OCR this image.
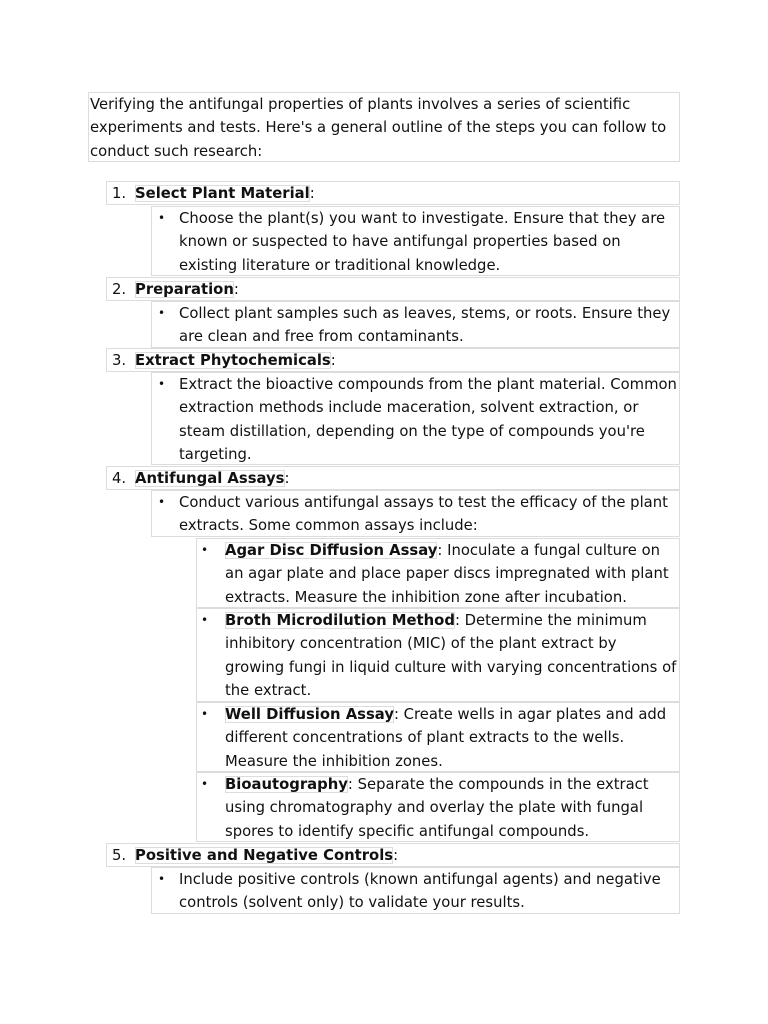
Verifying the antifungal properties of plants involves a series of scientific experiments and tests. Here's a general outline of the steps you can follow to conduct such research:
1. Select Plant Material:
• Choose the plant(s) you want to investigate. Ensure that they are known or suspected to have antifungal properties based on existing literature or traditional knowledge.
2. Preparation:
• Collect plant samples such as leaves, stems, or roots. Ensure they are clean and free from contaminants.
3. Extract Phytochemicals:
• Extract the bioactive compounds from the plant material. Common extraction methods include maceration, solvent extraction, or steam distillation, depending on the type of compounds you're targeting.
4. Antifungal Assays:
• Conduct various antifungal assays to test the efficacy of the plant extracts. Some common assays include:
• Agar Disc Diffusion Assay: Inoculate a fungal culture on an agar plate and place paper discs impregnated with plant extracts. Measure the inhibition zone after incubation.
• Broth Microdilution Method: Determine the minimum inhibitory concentration (MIC) of the plant extract by growing fungi in liquid culture with varying concentrations of the extract.
• Well Diffusion Assay: Create wells in agar plates and add different concentrations of plant extracts to the wells. Measure the inhibition zones.
• Bioautography: Separate the compounds in the extract using chromatography and overlay the plate with fungal spores to identify specific antifungal compounds.
5. Positive and Negative Controls:
• Include positive controls (known antifungal agents) and negative controls (solvent only) to validate your results.
